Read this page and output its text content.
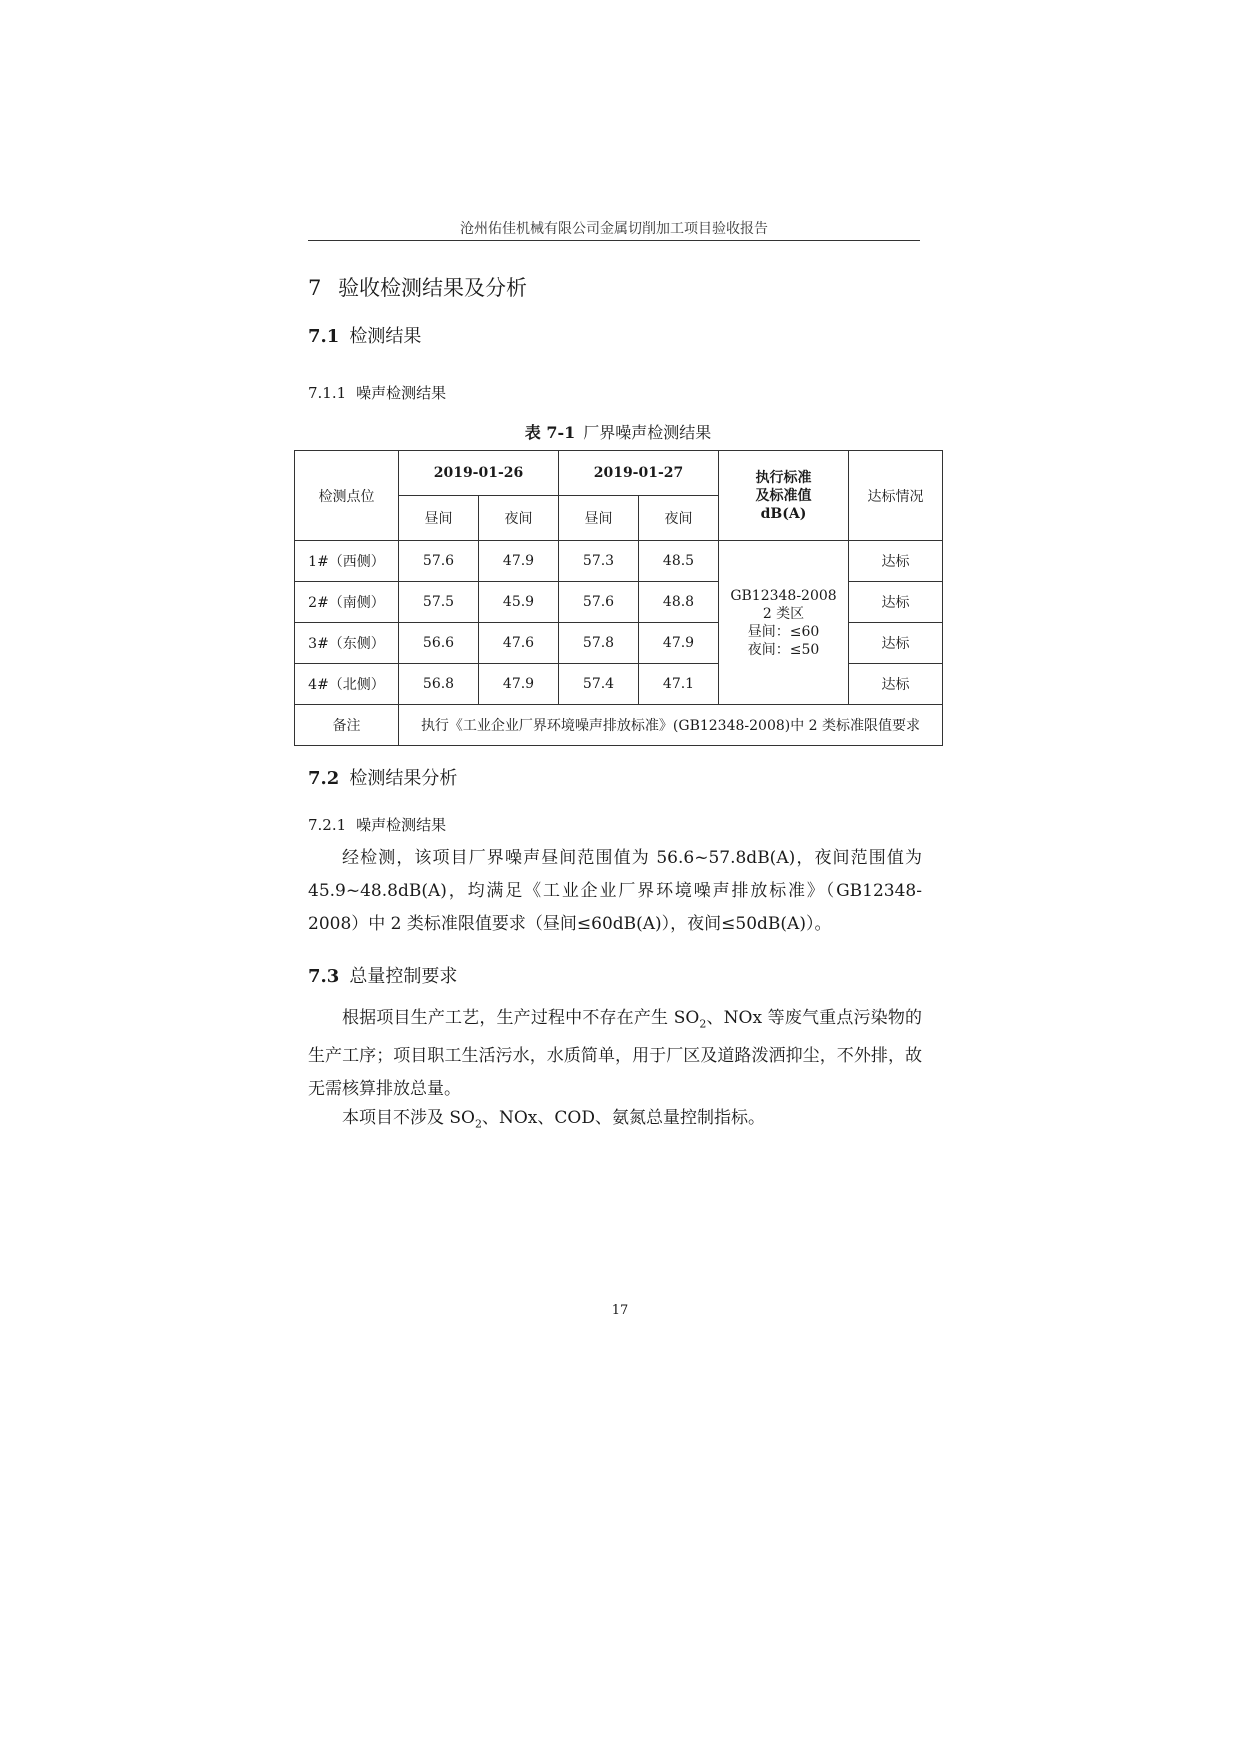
沧州佑佳机械有限公司金属切削加工项目验收报告
7 验收检测结果及分析
7.1 检测结果
7.1.1 噪声检测结果
表 7-1 厂界噪声检测结果
检测点位	2019-01-26		2019-01-27		执行标准
及标准值
dB(A)	达标情况
	昼间	夜间	昼间	夜间		
1#（西侧）	57.6	47.9	57.3	48.5	GB12348-2008
2 类区
昼间：≤60
夜间：≤50	达标
2#（南侧）	57.5	45.9	57.6	48.8		达标
3#（东侧）	56.6	47.6	57.8	47.9		达标
4#（北侧）	56.8	47.9	57.4	47.1		达标
备注	执行《工业企业厂界环境噪声排放标准》(GB12348-2008)中 2 类标准限值要求					
7.2 检测结果分析
7.2.1 噪声检测结果

经检测，该项目厂界噪声昼间范围值为 56.6~57.8dB(A)，夜间范围值为 45.9~48.8dB(A)，均满足《工业企业厂界环境噪声排放标准》（GB12348-2008）中 2 类标准限值要求（昼间≤60dB(A)），夜间≤50dB(A)）。

7.3 总量控制要求

根据项目生产工艺，生产过程中不存在产生 $SO_2$、NOx 等废气重点污染物的生产工序；项目职工生活污水，水质简单，用于厂区及道路泼洒抑尘，不外排，故无需核算排放总量。

本项目不涉及 $SO_2$、NOx、COD、氨氮总量控制指标。

17
